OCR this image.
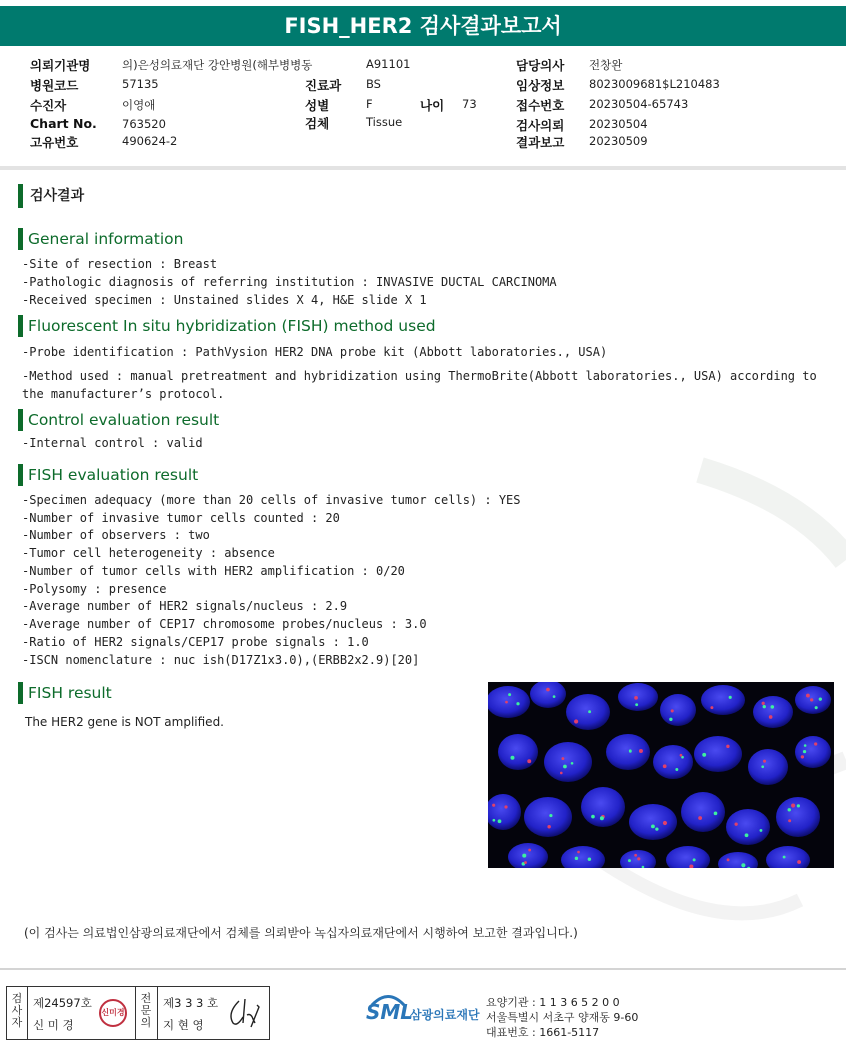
FISH_HER2 검사결과보고서
의뢰기관명	의)은성의료재단 강안병원(해부병병동	A91101	담당의사 전창완
병원코드	57135	진료과 BS	임상정보 8023009681$L210483
수진자	이영애	성별	F	나이 73	접수번호 20230504-65743
Chart No. 763520	검체	Tissue	검사의뢰 20230504
고유번호	490624-2	결과보고 20230509
검사결과
General information
-Site of resection : Breast
-Pathologic diagnosis of referring institution : INVASIVE DUCTAL CARCINOMA
-Received specimen : Unstained slides X 4, H&E slide X 1
Fluorescent In situ hybridization (FISH) method used
-Probe identification : PathVysion HER2 DNA probe kit (Abbott laboratories., USA)
-Method used : manual pretreatment and hybridization using ThermoBrite(Abbott laboratories., USA) according to the manufacturer’s protocol.
Control evaluation result
-Internal control : valid
FISH evaluation result
-Specimen adequacy (more than 20 cells of invasive tumor cells) : YES
-Number of invasive tumor cells counted : 20
-Number of observers : two
-Tumor cell heterogeneity : absence
-Number of tumor cells with HER2 amplification : 0/20
-Polysomy : presence
-Average number of HER2 signals/nucleus : 2.9
-Average number of CEP17 chromosome probes/nucleus : 3.0
-Ratio of HER2 signals/CEP17 probe signals : 1.0
-ISCN nomenclature : nuc ish(D17Z1x3.0),(ERBB2x2.9)[20]
FISH result
The HER2 gene is NOT amplified.
(이 검사는 의료법인삼광의료재단에서 검체를 의뢰받아 녹십자의료재단에서 시행하여 보고한 결과입니다.)
검사자
제24597호
신 미 경
신미경
전문의
제3 3 3 호
지 현 영
SML
삼광의료재단
요양기관 : 1 1 3 6 5 2 0 0
서울특별시 서초구 양재동 9-60
대표번호 : 1661-5117
